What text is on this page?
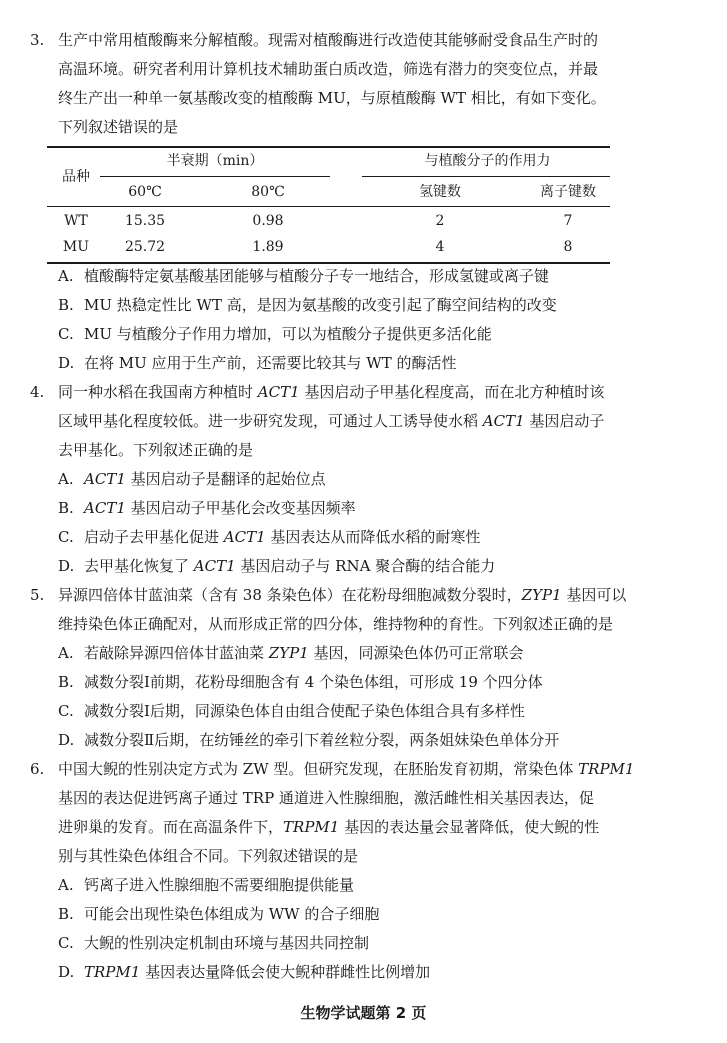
3. 生产中常用植酸酶来分解植酸。现需对植酸酶进行改造使其能够耐受食品生产时的
高温环境。研究者利用计算机技术辅助蛋白质改造，筛选有潜力的突变位点，并最
终生产出一种单一氨基酸改变的植酸酶 MU，与原植酸酶 WT 相比，有如下变化。
下列叙述错误的是
品种
半衰期（min）	与植酸分子的作用力
60℃	80℃	氢键数	离子键数
WT	15.35	0.98	2	7
MU	25.72	1.89	4	8
A. 植酸酶特定氨基酸基团能够与植酸分子专一地结合，形成氢键或离子键
B. MU 热稳定性比 WT 高，是因为氨基酸的改变引起了酶空间结构的改变
C. MU 与植酸分子作用力增加，可以为植酸分子提供更多活化能
D. 在将 MU 应用于生产前，还需要比较其与 WT 的酶活性
4. 同一种水稻在我国南方种植时 ACT1 基因启动子甲基化程度高，而在北方种植时该
区域甲基化程度较低。进一步研究发现，可通过人工诱导使水稻 ACT1 基因启动子
去甲基化。下列叙述正确的是
A. ACT1 基因启动子是翻译的起始位点
B. ACT1 基因启动子甲基化会改变基因频率
C. 启动子去甲基化促进 ACT1 基因表达从而降低水稻的耐寒性
D. 去甲基化恢复了 ACT1 基因启动子与 RNA 聚合酶的结合能力
5. 异源四倍体甘蓝油菜（含有 38 条染色体）在花粉母细胞减数分裂时，ZYP1 基因可以
维持染色体正确配对，从而形成正常的四分体，维持物种的育性。下列叙述正确的是
A. 若敲除异源四倍体甘蓝油菜 ZYP1 基因，同源染色体仍可正常联会
B. 减数分裂Ⅰ前期，花粉母细胞含有 4 个染色体组，可形成 19 个四分体
C. 减数分裂Ⅰ后期，同源染色体自由组合使配子染色体组合具有多样性
D. 减数分裂Ⅱ后期，在纺锤丝的牵引下着丝粒分裂，两条姐妹染色单体分开
6. 中国大鲵的性别决定方式为 ZW 型。但研究发现，在胚胎发育初期，常染色体 TRPM1
基因的表达促进钙离子通过 TRP 通道进入性腺细胞，激活雌性相关基因表达，促
进卵巢的发育。而在高温条件下，TRPM1 基因的表达量会显著降低，使大鲵的性
别与其性染色体组合不同。下列叙述错误的是
A. 钙离子进入性腺细胞不需要细胞提供能量
B. 可能会出现性染色体组成为 WW 的合子细胞
C. 大鲵的性别决定机制由环境与基因共同控制
D. TRPM1 基因表达量降低会使大鲵种群雌性比例增加
生物学试题第 2 页
